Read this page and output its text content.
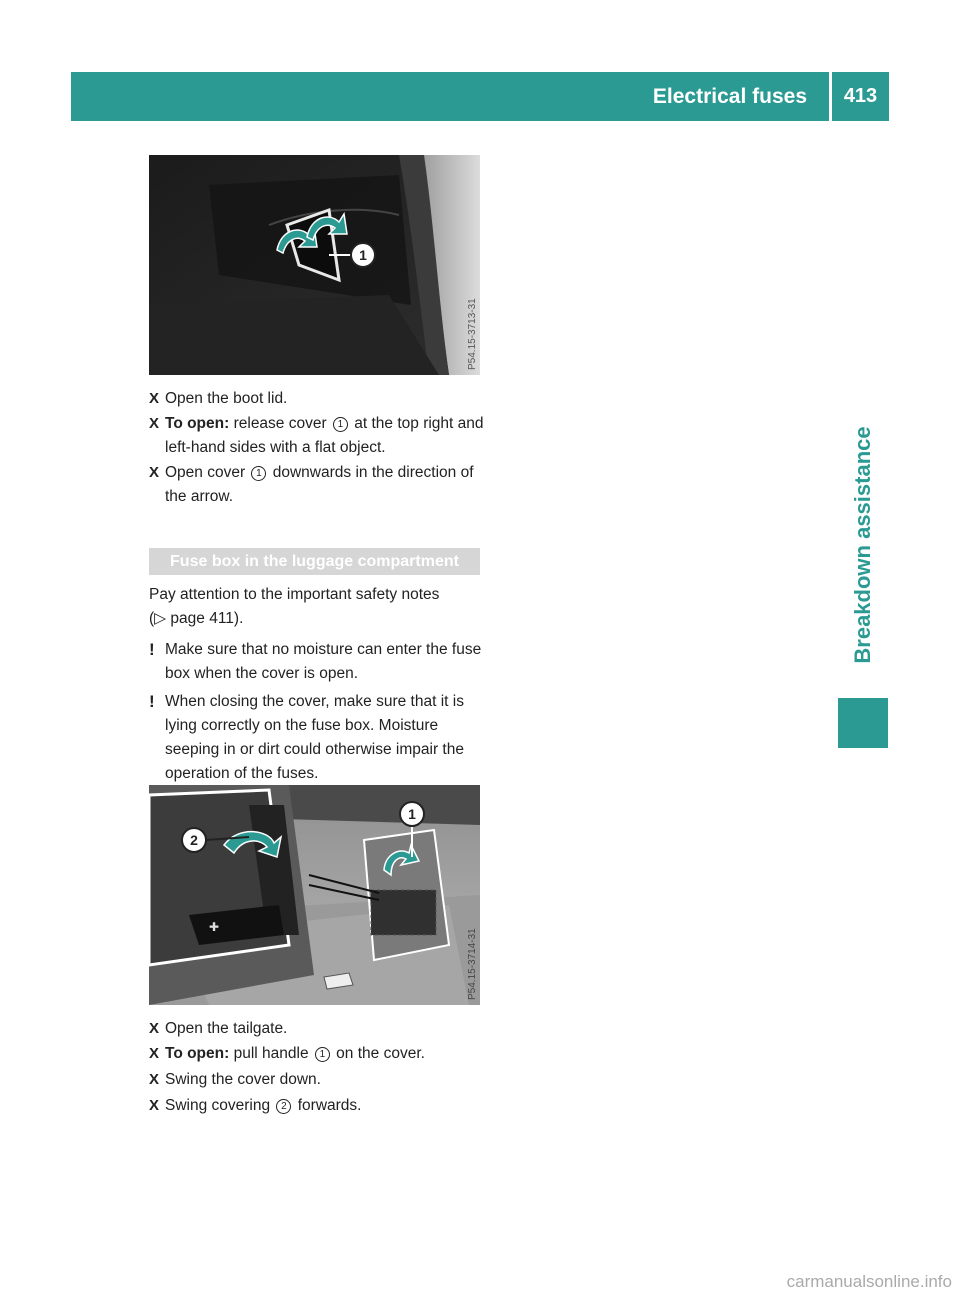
Electrical fuses	413
Breakdown assistance
1
P54.15-3713-31
X Open the boot lid.
X To open: release cover 1 at the top right and left-hand sides with a flat object.
X Open cover 1 downwards in the direction of the arrow.
Fuse box in the luggage compartment
Pay attention to the important safety notes (▷ page 411).
! Make sure that no moisture can enter the fuse box when the cover is open.
! When closing the cover, make sure that it is lying correctly on the fuse box. Moisture seeping in or dirt could otherwise impair the operation of the fuses.
✚
2
1
P54.15-3714-31
X Open the tailgate.
X To open: pull handle 1 on the cover.
X Swing the cover down.
X Swing covering 2 forwards.
carmanualsonline.info
